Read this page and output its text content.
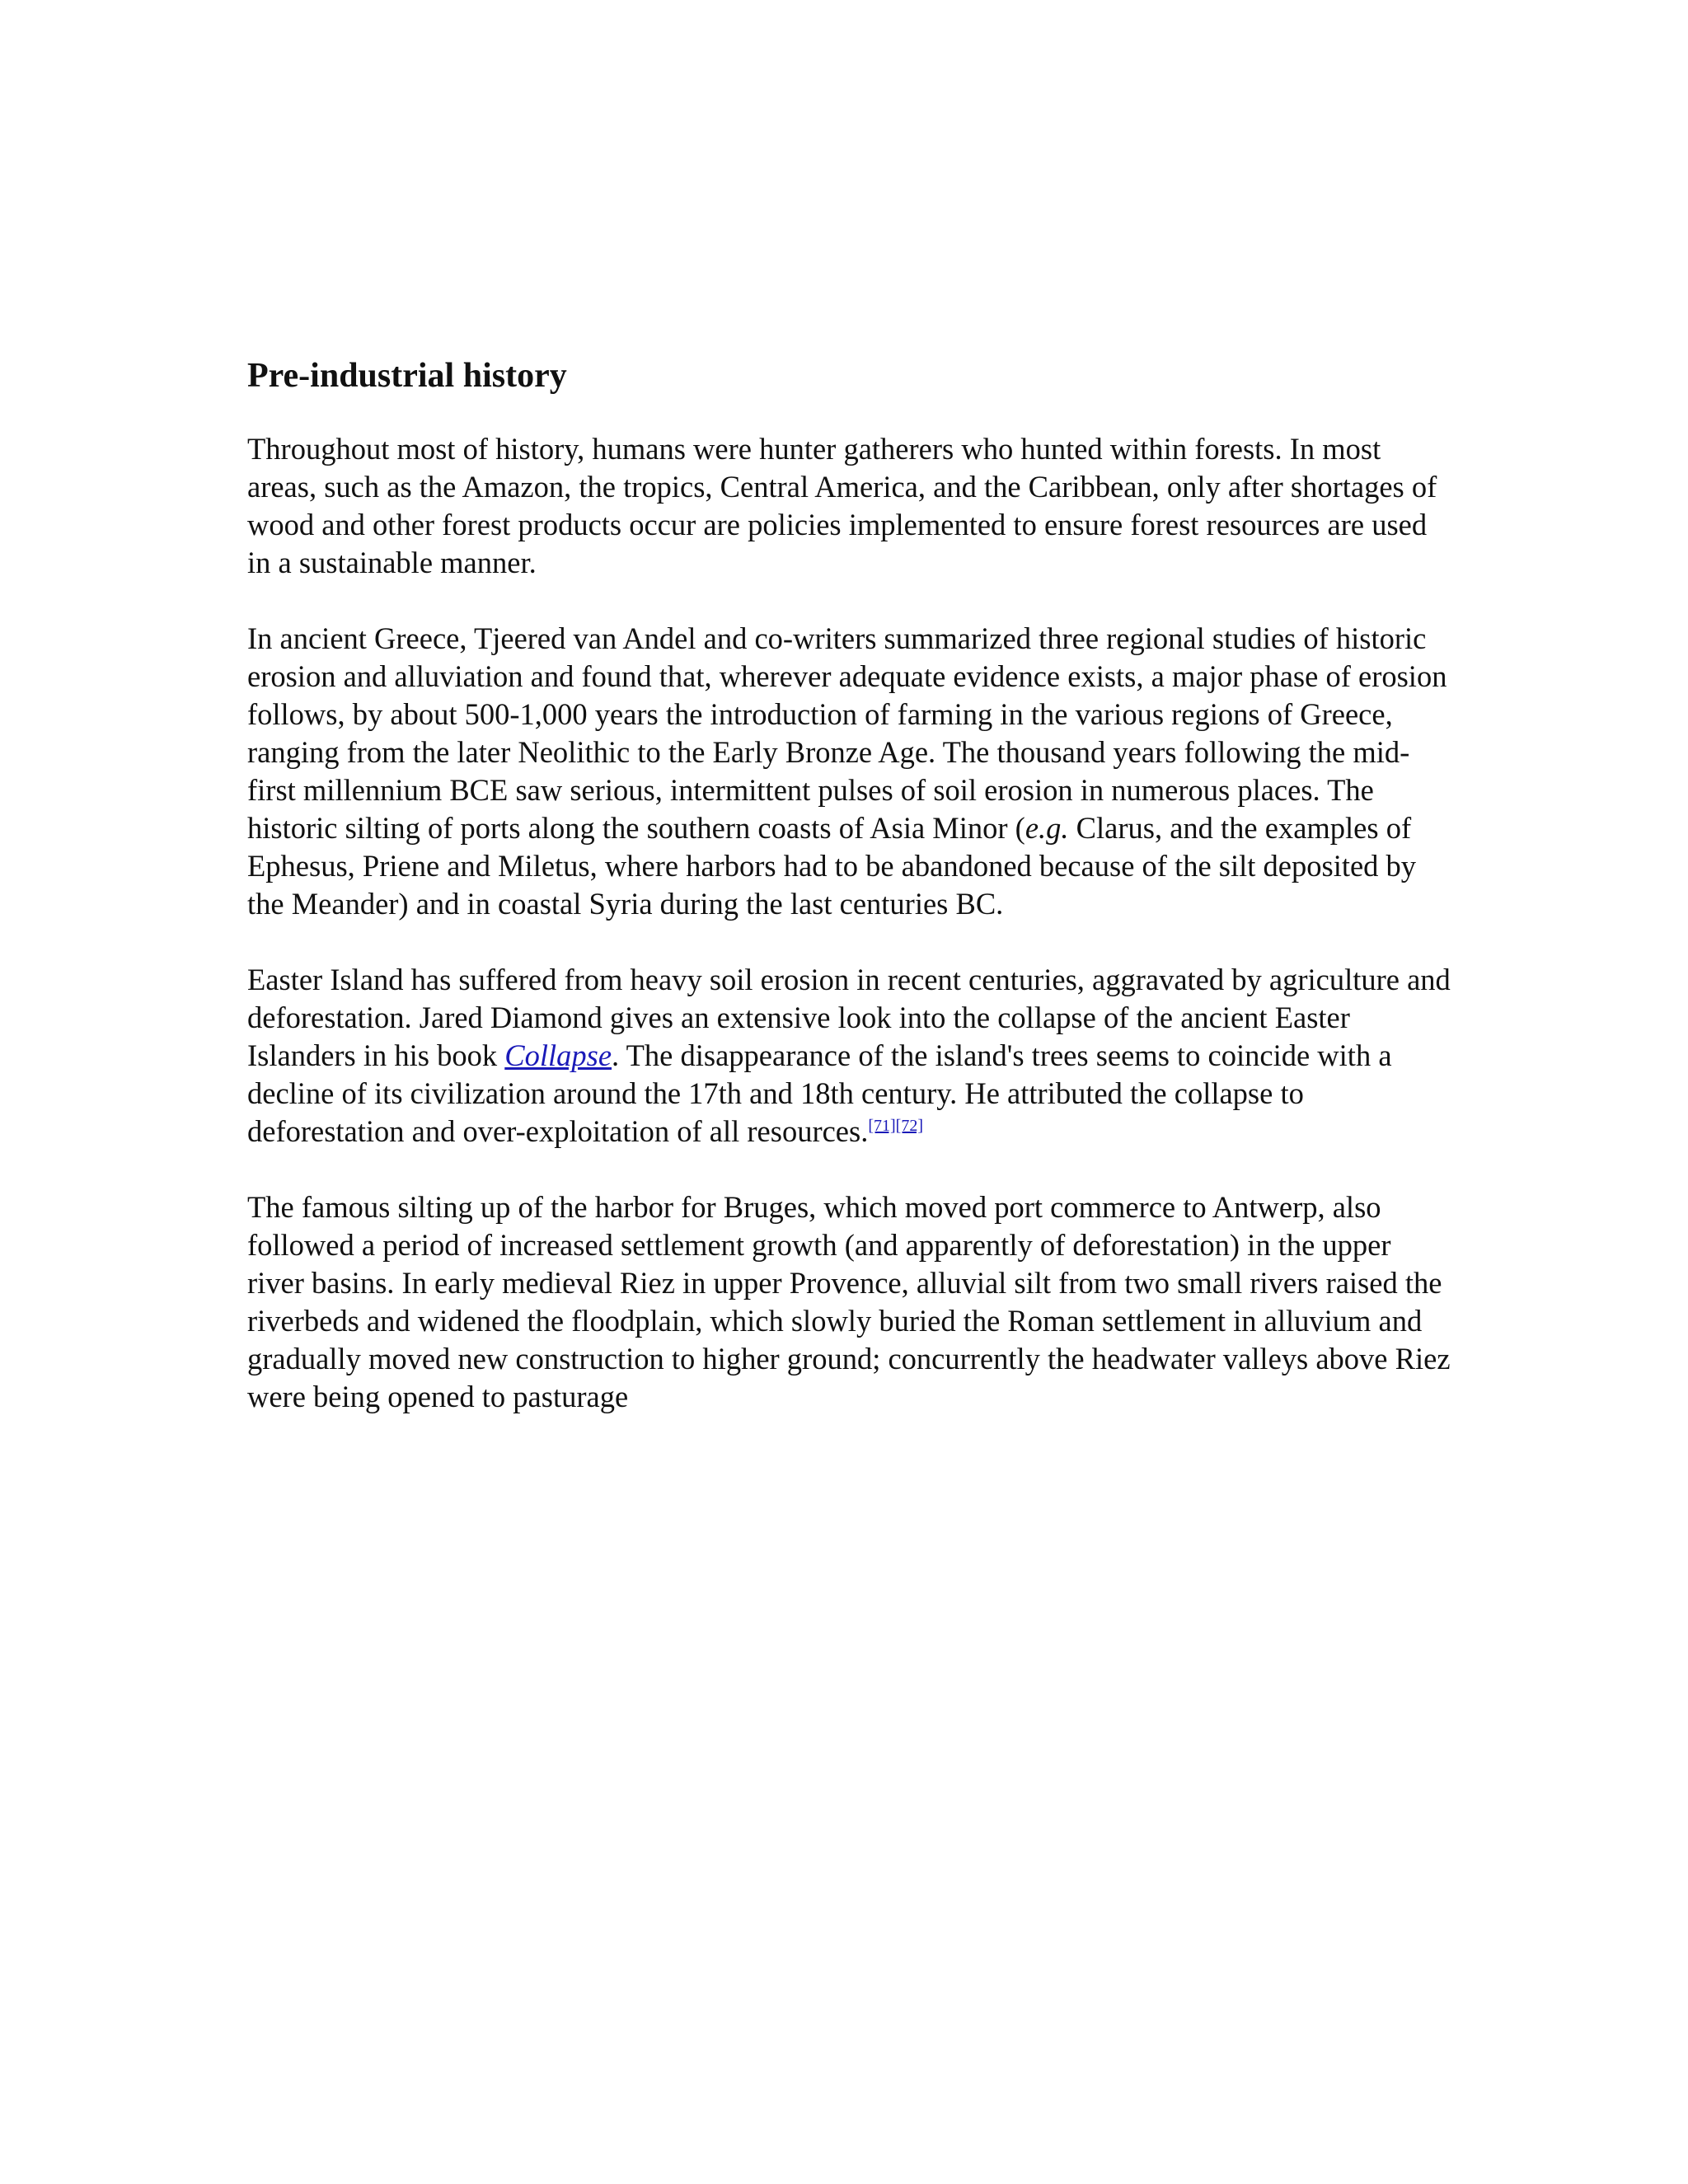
Pre-industrial history

Throughout most of history, humans were hunter gatherers who hunted within forests. In most areas, such as the Amazon, the tropics, Central America, and the Caribbean, only after shortages of wood and other forest products occur are policies implemented to ensure forest resources are used in a sustainable manner.

In ancient Greece, Tjeered van Andel and co-writers summarized three regional studies of historic erosion and alluviation and found that, wherever adequate evidence exists, a major phase of erosion follows, by about 500-1,000 years the introduction of farming in the various regions of Greece, ranging from the later Neolithic to the Early Bronze Age. The thousand years following the mid-first millennium BCE saw serious, intermittent pulses of soil erosion in numerous places. The historic silting of ports along the southern coasts of Asia Minor (e.g. Clarus, and the examples of Ephesus, Priene and Miletus, where harbors had to be abandoned because of the silt deposited by the Meander) and in coastal Syria during the last centuries BC.

Easter Island has suffered from heavy soil erosion in recent centuries, aggravated by agriculture and deforestation. Jared Diamond gives an extensive look into the collapse of the ancient Easter Islanders in his book Collapse. The disappearance of the island's trees seems to coincide with a decline of its civilization around the 17th and 18th century. He attributed the collapse to deforestation and over-exploitation of all resources.[71][72]

The famous silting up of the harbor for Bruges, which moved port commerce to Antwerp, also followed a period of increased settlement growth (and apparently of deforestation) in the upper river basins. In early medieval Riez in upper Provence, alluvial silt from two small rivers raised the riverbeds and widened the floodplain, which slowly buried the Roman settlement in alluvium and gradually moved new construction to higher ground; concurrently the headwater valleys above Riez were being opened to pasturage
